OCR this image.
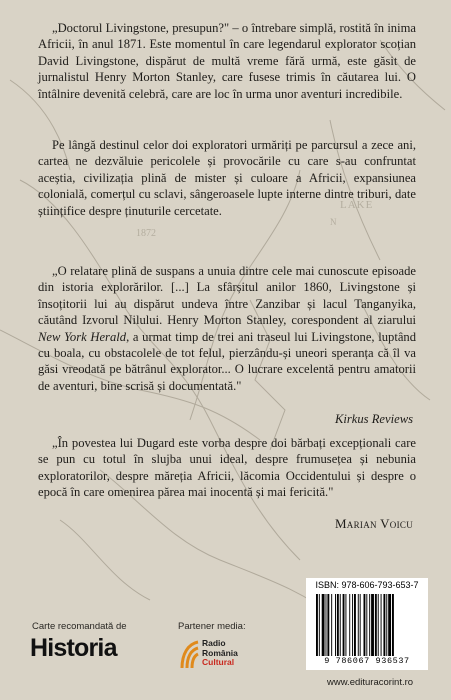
LAKE
N
1872

„Doctorul Livingstone, presupun?" – o întrebare simplă, rostită în inima Africii, în anul 1871. Este momentul în care legendarul explorator scoțian David Livingstone, dispărut de multă vreme fără urmă, este găsit de jurnalistul Henry Morton Stanley, care fusese trimis în căutarea lui. O întâlnire devenită celebră, care are loc în urma unor aventuri incredibile.

Pe lângă destinul celor doi exploratori urmăriți pe parcursul a zece ani, cartea ne dezvăluie pericolele și provocările cu care s-au confruntat aceștia, civilizația plină de mister și culoare a Africii, expansiunea colonială, comerțul cu sclavi, sângeroasele lupte interne dintre triburi, date științifice despre ținuturile cercetate.

„O relatare plină de suspans a unuia dintre cele mai cunoscute episoade din istoria explorărilor. [...] La sfârșitul anilor 1860, Livingstone și însoțitorii lui au dispărut undeva între Zanzibar și lacul Tanganyika, căutând Izvorul Nilului. Henry Morton Stanley, corespondent al ziarului New York Herald, a urmat timp de trei ani traseul lui Livingstone, luptând cu boala, cu obstacolele de tot felul, pierzându-și uneori speranța că îl va găsi vreodată pe bătrânul explorator... O lucrare excelentă pentru amatorii de aventuri, bine scrisă și documentată."

Kirkus Reviews

„În povestea lui Dugard este vorba despre doi bărbați excepționali care se pun cu totul în slujba unui ideal, despre frumusețea și nebunia exploratorilor, despre măreția Africii, lăcomia Occidentului și despre o epocă în care omenirea părea mai inocentă și mai fericită."

Marian Voicu
Carte recomandată de
Historia
Partener media:
Radio
România
Cultural
ISBN: 978-606-793-653-7
9 786067 936537
www.edituracorint.ro
